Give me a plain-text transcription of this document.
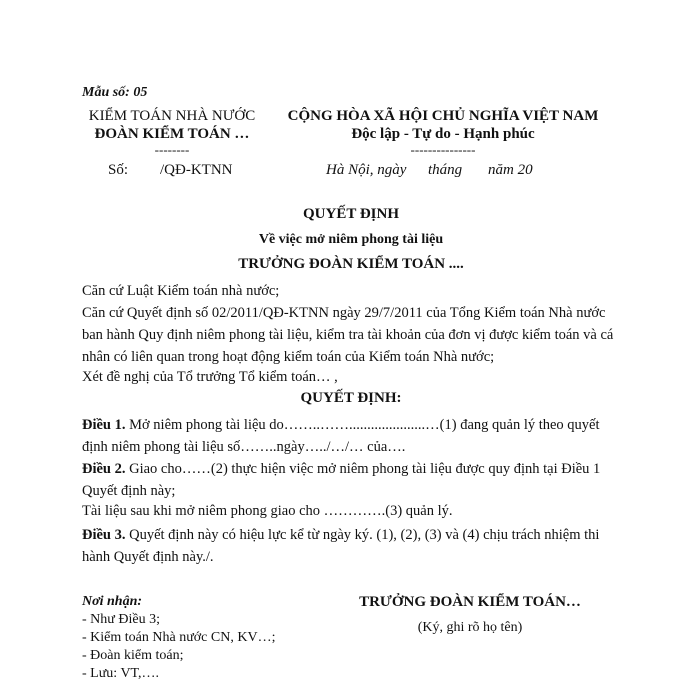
Mẫu số: 05
KIỂM TOÁN NHÀ NƯỚC
ĐOÀN KIỂM TOÁN …
--------
Số: /QĐ-KTNN
CỘNG HÒA XÃ HỘI CHỦ NGHĨA VIỆT NAM
Độc lập - Tự do - Hạnh phúc
---------------
Hà Nội, ngày tháng năm 20
QUYẾT ĐỊNH
Về việc mở niêm phong tài liệu
TRƯỞNG ĐOÀN KIỂM TOÁN ....
Căn cứ Luật Kiểm toán nhà nước;
Căn cứ Quyết định số 02/2011/QĐ-KTNN ngày 29/7/2011 của Tổng Kiểm toán Nhà nước ban hành Quy định niêm phong tài liệu, kiểm tra tài khoản của đơn vị được kiểm toán và cá nhân có liên quan trong hoạt động kiểm toán của Kiểm toán Nhà nước;
Xét đề nghị của Tổ trưởng Tổ kiểm toán… ,
QUYẾT ĐỊNH:
Điều 1. Mở niêm phong tài liệu do……..…….....................…(1) đang quản lý theo quyết định niêm phong tài liệu số……..ngày…../…/… của….
Điều 2. Giao cho……(2) thực hiện việc mở niêm phong tài liệu được quy định tại Điều 1 Quyết định này;
Tài liệu sau khi mở niêm phong giao cho ………….(3) quản lý.
Điều 3. Quyết định này có hiệu lực kể từ ngày ký. (1), (2), (3) và (4) chịu trách nhiệm thi hành Quyết định này./.
Nơi nhận:
- Như Điều 3;
- Kiểm toán Nhà nước CN, KV…;
- Đoàn kiểm toán;
- Lưu: VT,….
TRƯỞNG ĐOÀN KIỂM TOÁN…
(Ký, ghi rõ họ tên)
